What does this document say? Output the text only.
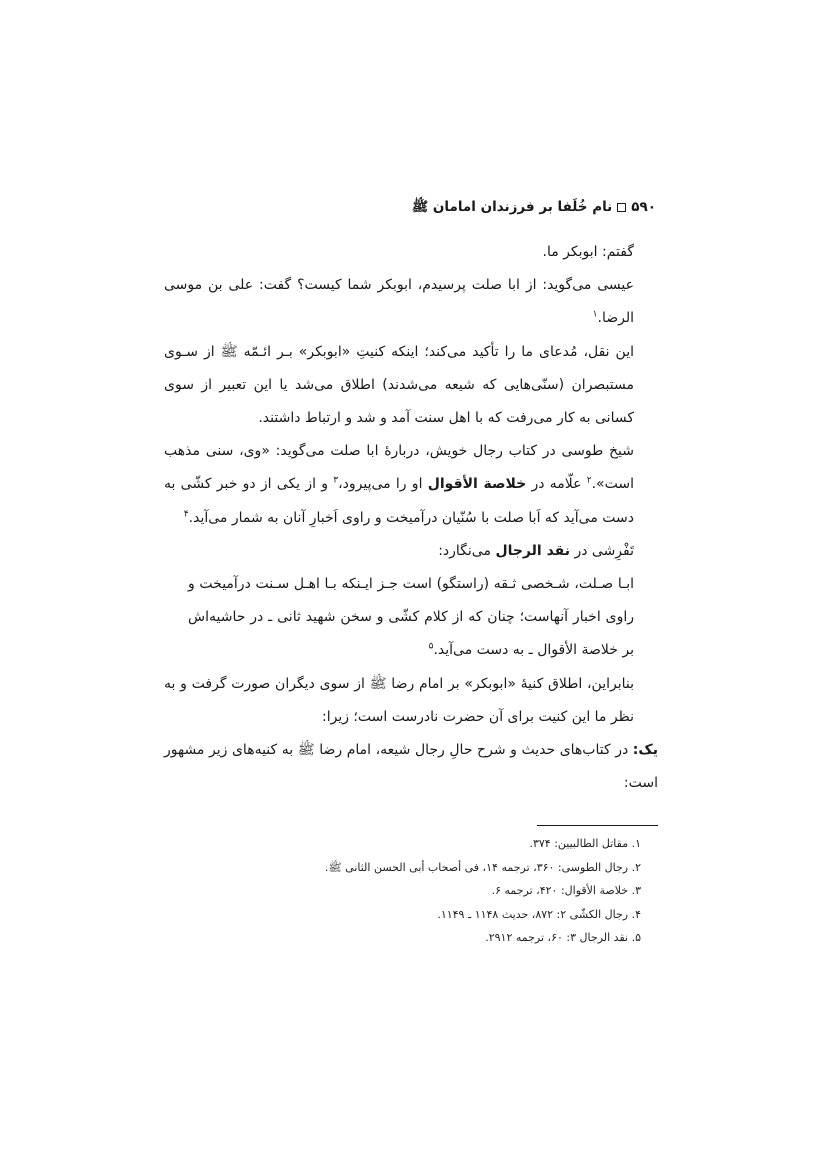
۵۹۰
نام خُلَفا بر فرزندان امامان ﷺ

گفتم: ابوبکر ما.

عیسی می‌گوید: از ابا صلت پرسیدم، ابوبکر شما کیست؟ گفت: علی بن موسی الرضا.$^۱$

این نقل، مُدعای ما را تأکید می‌کند؛ اینکه کنیتِ «ابوبکر» بـر ائـمّه ﷺ از سـوی مستبصران (سنّی‌هایی که شیعه می‌شدند) اطلاق می‌شد یا این تعبیر از سوی کسانی به کار می‌رفت که با اهل سنت آمد و شد و ارتباط داشتند.

شیخ طوسی در کتاب رجال خویش، دربارهٔ ابا صلت می‌گوید: «وی، سنی مذهب است».$^۲$ علّامه در خلاصة الأقوال او را می‌پیرود،$^۳$ و از یکی از دو خبر کشّی به دست می‌آید که اَبا صلت با سُنّیان درآمیخت و راوی اَخبارِ آنان به شمار می‌آید.$^۴$

تَفْرِشی در نقد الرجال می‌نگارد:

ابـا صـلت، شـخصی ثـقه (راستگو) است جـز ایـنکه بـا اهـل سـنت درآمیخت و راوی اخبار آنهاست؛ چنان که از کلام کشّی و سخن شهید ثانی ـ در حاشیه‌اش بر خلاصة الأقوال ـ به دست می‌آید.$^۵$

بنابراین، اطلاق کنیهٔ «ابوبکر» بر امام رضا ﷺ از سوی دیگران صورت گرفت و به نظر ما این کنیت برای آن حضرت نادرست است؛ زیرا:

یک: در کتاب‌های حدیث و شرح حالِ رجال شیعه، امام رضا ﷺ به کنیه‌های زیر مشهور است:

۱. مقاتل الطالبیین: ۳۷۴.
۲. رجال الطوسی: ۳۶۰، ترجمه ۱۴، فی أصحاب أبی الحسن الثانی ﷺ.
۳. خلاصة الأقوال: ۴۲۰، ترجمه ۶.
۴. رجال الکشّی ۲: ۸۷۲، حدیث ۱۱۴۸ ـ ۱۱۴۹.
۵. نقد الرجال ۳: ۶۰، ترجمه ۲۹۱۲.
